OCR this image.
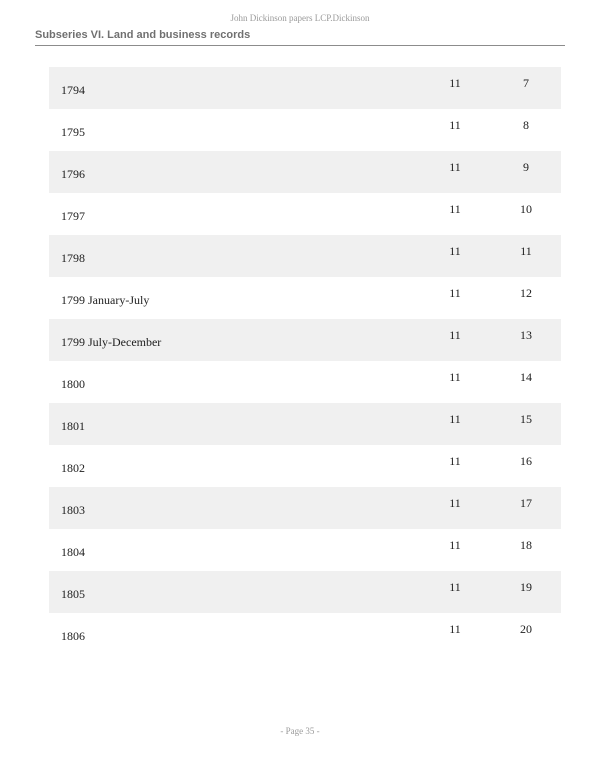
John Dickinson papers LCP.Dickinson
Subseries VI. Land and business records
1794	11	7
1795	11	8
1796	11	9
1797	11	10
1798	11	11
1799 January-July	11	12
1799 July-December	11	13
1800	11	14
1801	11	15
1802	11	16
1803	11	17
1804	11	18
1805	11	19
1806	11	20
- Page 35 -
